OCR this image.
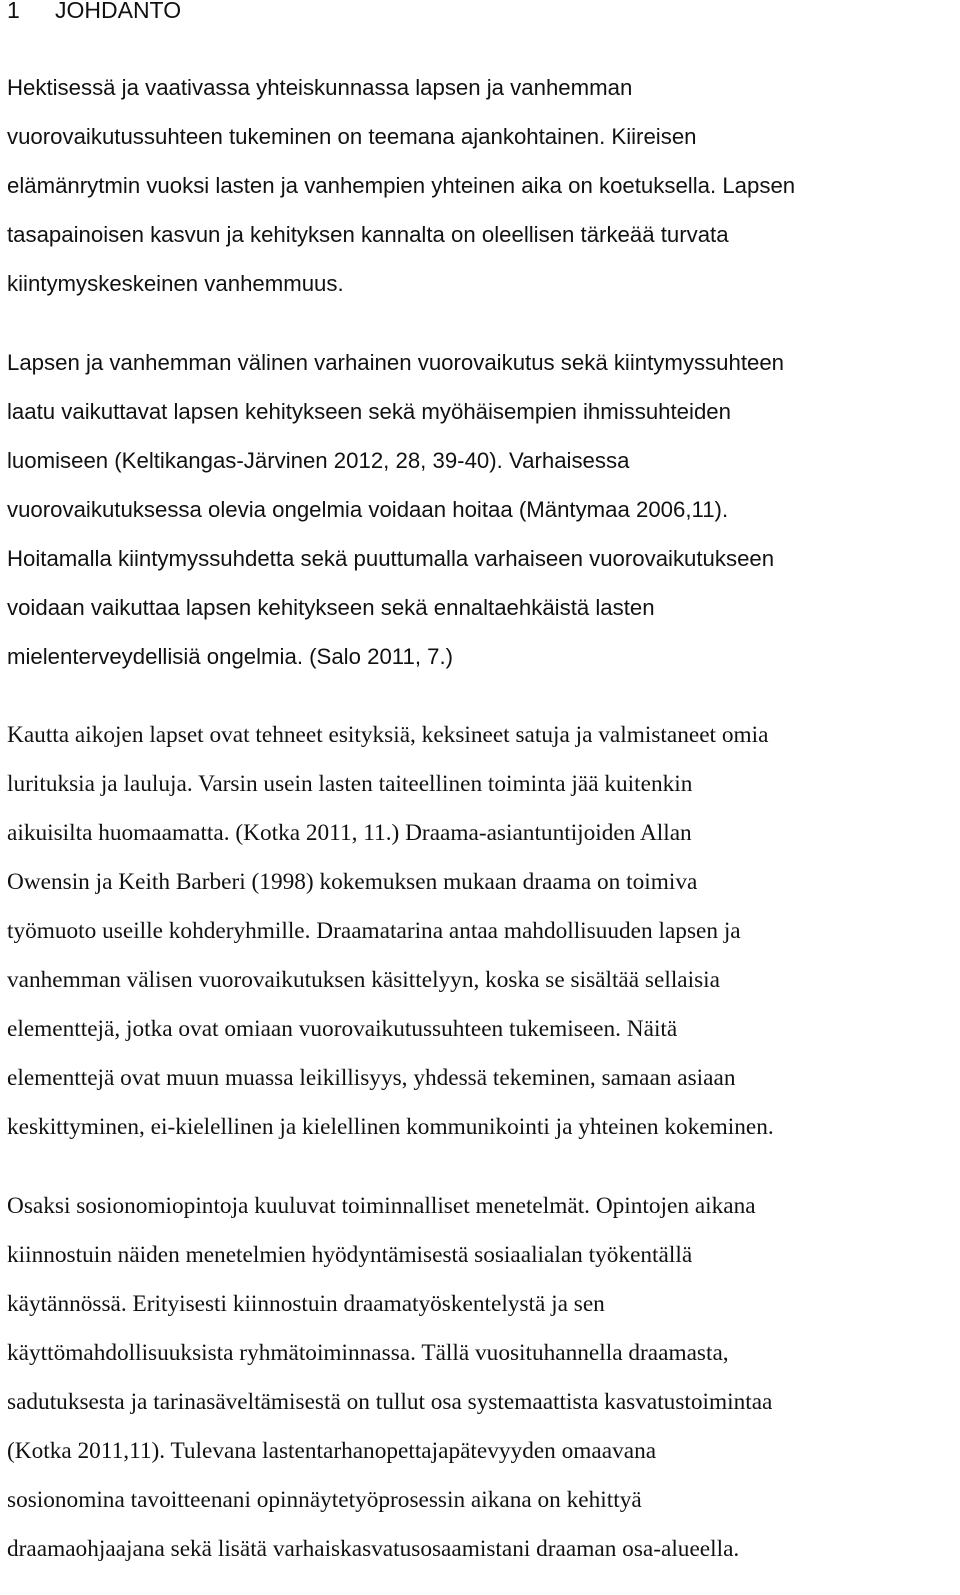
1 JOHDANTO

Hektisessä ja vaativassa yhteiskunnassa lapsen ja vanhemman
vuorovaikutussuhteen tukeminen on teemana ajankohtainen. Kiireisen
elämänrytmin vuoksi lasten ja vanhempien yhteinen aika on koetuksella. Lapsen
tasapainoisen kasvun ja kehityksen kannalta on oleellisen tärkeää turvata
kiintymyskeskeinen vanhemmuus.

Lapsen ja vanhemman välinen varhainen vuorovaikutus sekä kiintymyssuhteen
laatu vaikuttavat lapsen kehitykseen sekä myöhäisempien ihmissuhteiden
luomiseen (Keltikangas-Järvinen 2012, 28, 39-40). Varhaisessa
vuorovaikutuksessa olevia ongelmia voidaan hoitaa (Mäntymaa 2006,11).
Hoitamalla kiintymyssuhdetta sekä puuttumalla varhaiseen vuorovaikutukseen
voidaan vaikuttaa lapsen kehitykseen sekä ennaltaehkäistä lasten
mielenterveydellisiä ongelmia. (Salo 2011, 7.)

Kautta aikojen lapset ovat tehneet esityksiä, keksineet satuja ja valmistaneet omia
lurituksia ja lauluja. Varsin usein lasten taiteellinen toiminta jää kuitenkin
aikuisilta huomaamatta. (Kotka 2011, 11.) Draama-asiantuntijoiden Allan
Owensin ja Keith Barberi (1998) kokemuksen mukaan draama on toimiva
työmuoto useille kohderyhmille. Draamatarina antaa mahdollisuuden lapsen ja
vanhemman välisen vuorovaikutuksen käsittelyyn, koska se sisältää sellaisia
elementtejä, jotka ovat omiaan vuorovaikutussuhteen tukemiseen. Näitä
elementtejä ovat muun muassa leikillisyys, yhdessä tekeminen, samaan asiaan
keskittyminen, ei-kielellinen ja kielellinen kommunikointi ja yhteinen kokeminen.

Osaksi sosionomiopintoja kuuluvat toiminnalliset menetelmät. Opintojen aikana
kiinnostuin näiden menetelmien hyödyntämisestä sosiaalialan työkentällä
käytännössä. Erityisesti kiinnostuin draamatyöskentelystä ja sen
käyttömahdollisuuksista ryhmätoiminnassa. Tällä vuosituhannella draamasta,
sadutuksesta ja tarinasäveltämisestä on tullut osa systemaattista kasvatustoimintaa
(Kotka 2011,11). Tulevana lastentarhanopettajapätevyyden omaavana
sosionomina tavoitteenani opinnäytetyöprosessin aikana on kehittyä
draamaohjaajana sekä lisätä varhaiskasvatusosaamistani draaman osa-alueella.
